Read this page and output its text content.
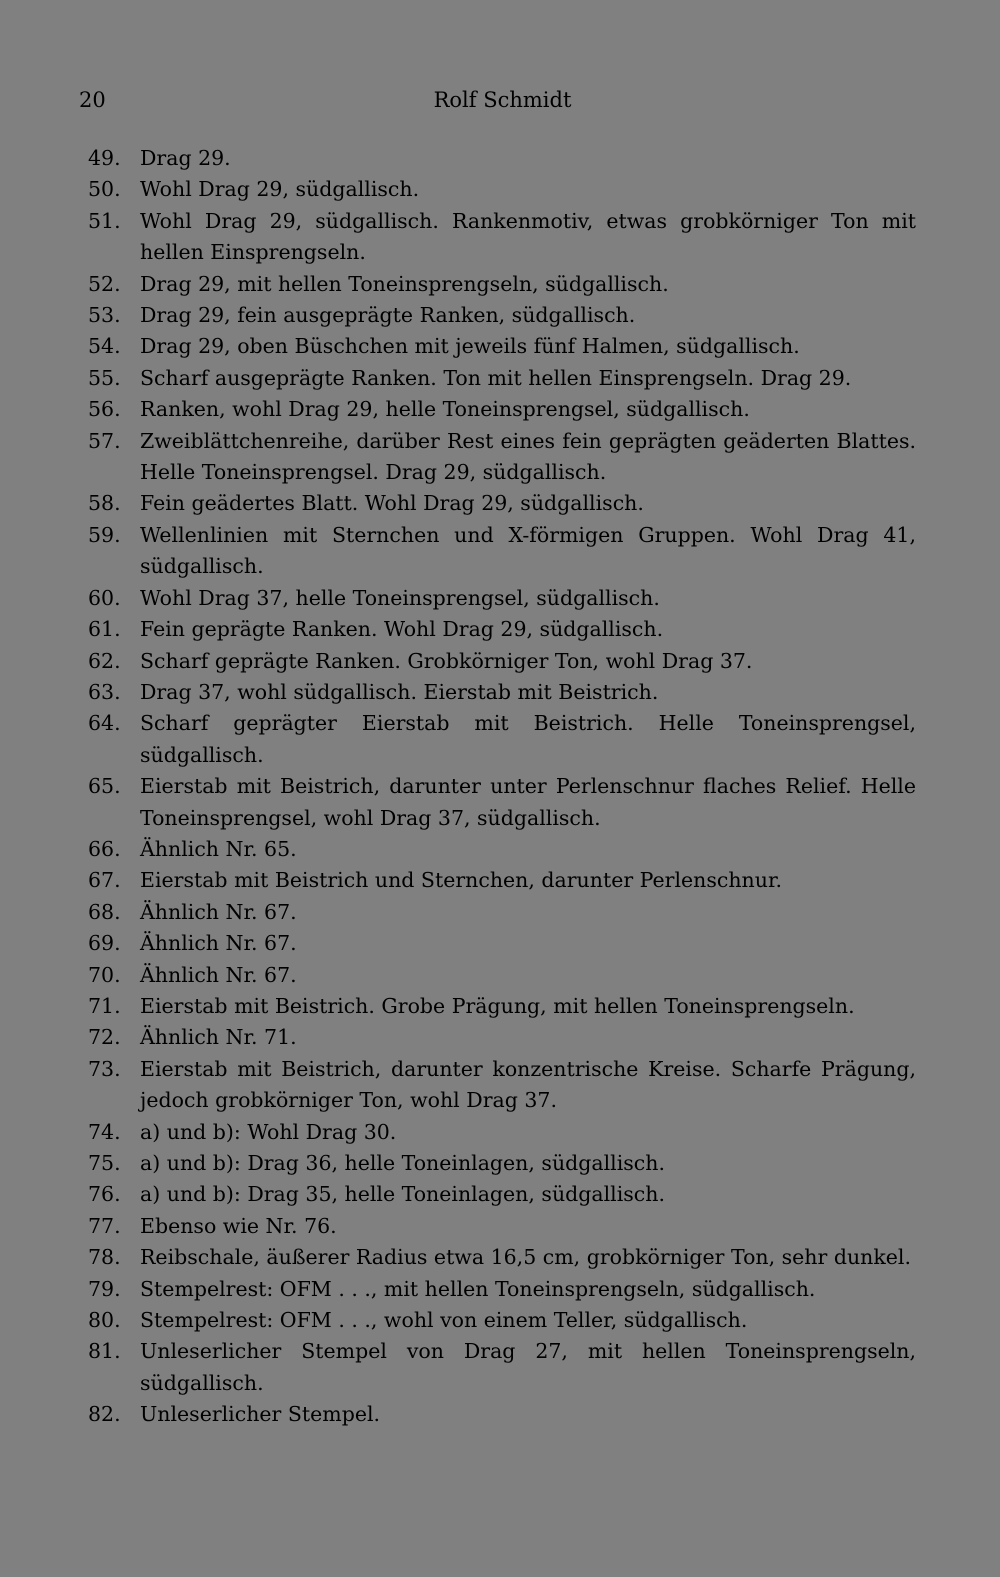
20	Rolf Schmidt
49. Drag 29.
50. Wohl Drag 29, südgallisch.
51. Wohl Drag 29, südgallisch. Rankenmotiv, etwas grobkörniger Ton mit hellen Einsprengseln.
52. Drag 29, mit hellen Toneinsprengseln, südgallisch.
53. Drag 29, fein ausgeprägte Ranken, südgallisch.
54. Drag 29, oben Büschchen mit jeweils fünf Halmen, südgallisch.
55. Scharf ausgeprägte Ranken. Ton mit hellen Einsprengseln. Drag 29.
56. Ranken, wohl Drag 29, helle Toneinsprengsel, südgallisch.
57. Zweiblättchenreihe, darüber Rest eines fein geprägten geäderten Blattes. Helle Toneinsprengsel. Drag 29, südgallisch.
58. Fein geädertes Blatt. Wohl Drag 29, südgallisch.
59. Wellenlinien mit Sternchen und X-förmigen Gruppen. Wohl Drag 41, südgallisch.
60. Wohl Drag 37, helle Toneinsprengsel, südgallisch.
61. Fein geprägte Ranken. Wohl Drag 29, südgallisch.
62. Scharf geprägte Ranken. Grobkörniger Ton, wohl Drag 37.
63. Drag 37, wohl südgallisch. Eierstab mit Beistrich.
64. Scharf geprägter Eierstab mit Beistrich. Helle Toneinsprengsel, südgallisch.
65. Eierstab mit Beistrich, darunter unter Perlenschnur flaches Relief. Helle Toneinsprengsel, wohl Drag 37, südgallisch.
66. Ähnlich Nr. 65.
67. Eierstab mit Beistrich und Sternchen, darunter Perlenschnur.
68. Ähnlich Nr. 67.
69. Ähnlich Nr. 67.
70. Ähnlich Nr. 67.
71. Eierstab mit Beistrich. Grobe Prägung, mit hellen Toneinsprengseln.
72. Ähnlich Nr. 71.
73. Eierstab mit Beistrich, darunter konzentrische Kreise. Scharfe Prägung, jedoch grobkörniger Ton, wohl Drag 37.
74. a) und b): Wohl Drag 30.
75. a) und b): Drag 36, helle Toneinlagen, südgallisch.
76. a) und b): Drag 35, helle Toneinlagen, südgallisch.
77. Ebenso wie Nr. 76.
78. Reibschale, äußerer Radius etwa 16,5 cm, grobkörniger Ton, sehr dunkel.
79. Stempelrest: OFM . . ., mit hellen Toneinsprengseln, südgallisch.
80. Stempelrest: OFM . . ., wohl von einem Teller, südgallisch.
81. Unleserlicher Stempel von Drag 27, mit hellen Toneinsprengseln, südgallisch.
82. Unleserlicher Stempel.
